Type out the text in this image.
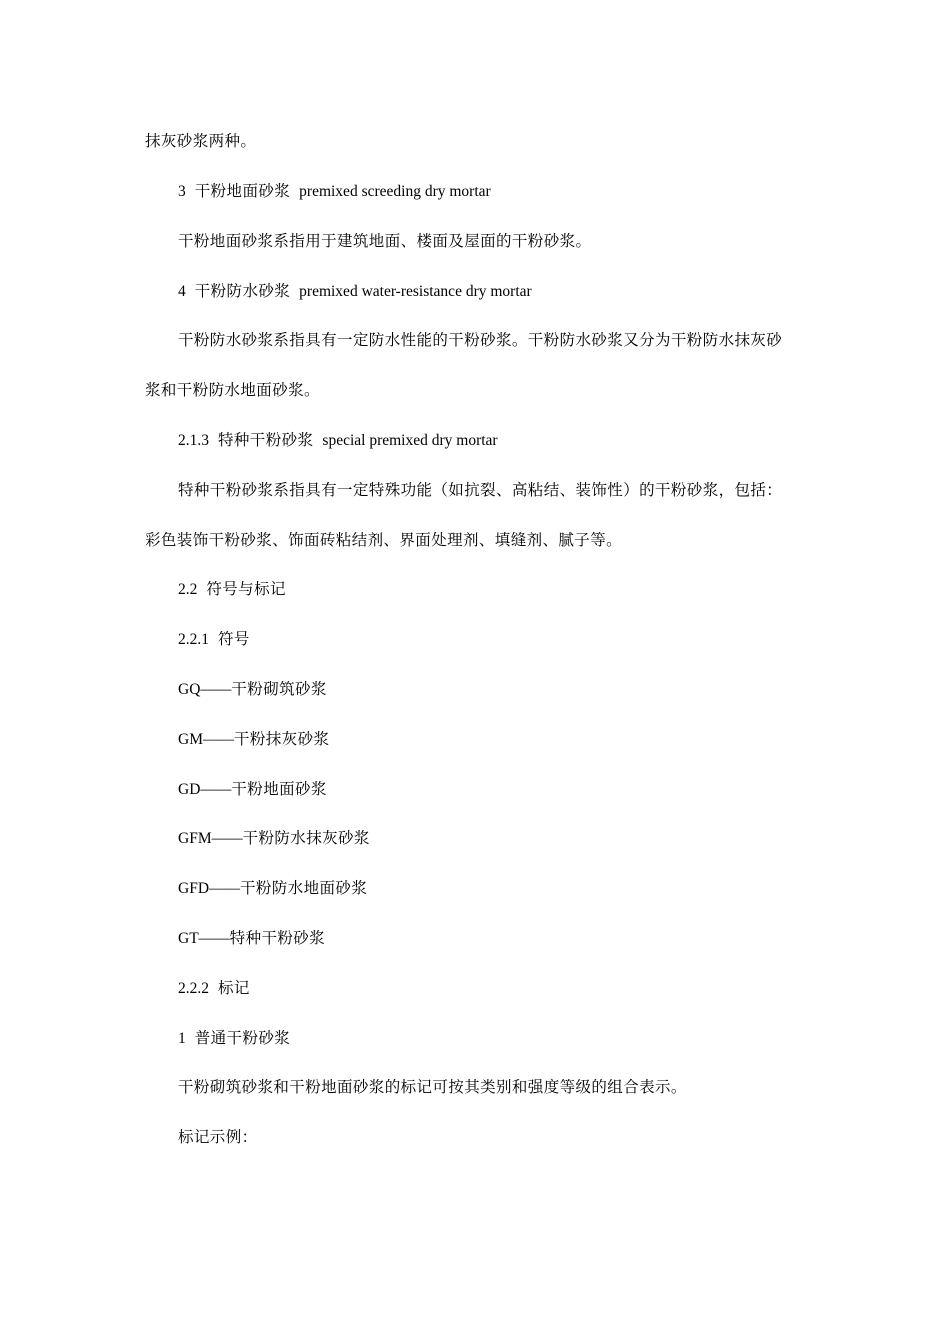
抹灰砂浆两种。
3 干粉地面砂浆 premixed screeding dry mortar
干粉地面砂浆系指用于建筑地面、楼面及屋面的干粉砂浆。
4 干粉防水砂浆 premixed water-resistance dry mortar
干粉防水砂浆系指具有一定防水性能的干粉砂浆。干粉防水砂浆又分为干粉防水抹灰砂
浆和干粉防水地面砂浆。
2.1.3 特种干粉砂浆 special premixed dry mortar
特种干粉砂浆系指具有一定特殊功能（如抗裂、高粘结、装饰性）的干粉砂浆，包括：
彩色装饰干粉砂浆、饰面砖粘结剂、界面处理剂、填缝剂、腻子等。
2.2 符号与标记
2.2.1 符号
GQ——干粉砌筑砂浆
GM——干粉抹灰砂浆
GD——干粉地面砂浆
GFM——干粉防水抹灰砂浆
GFD——干粉防水地面砂浆
GT——特种干粉砂浆
2.2.2 标记
1 普通干粉砂浆
干粉砌筑砂浆和干粉地面砂浆的标记可按其类别和强度等级的组合表示。
标记示例：
